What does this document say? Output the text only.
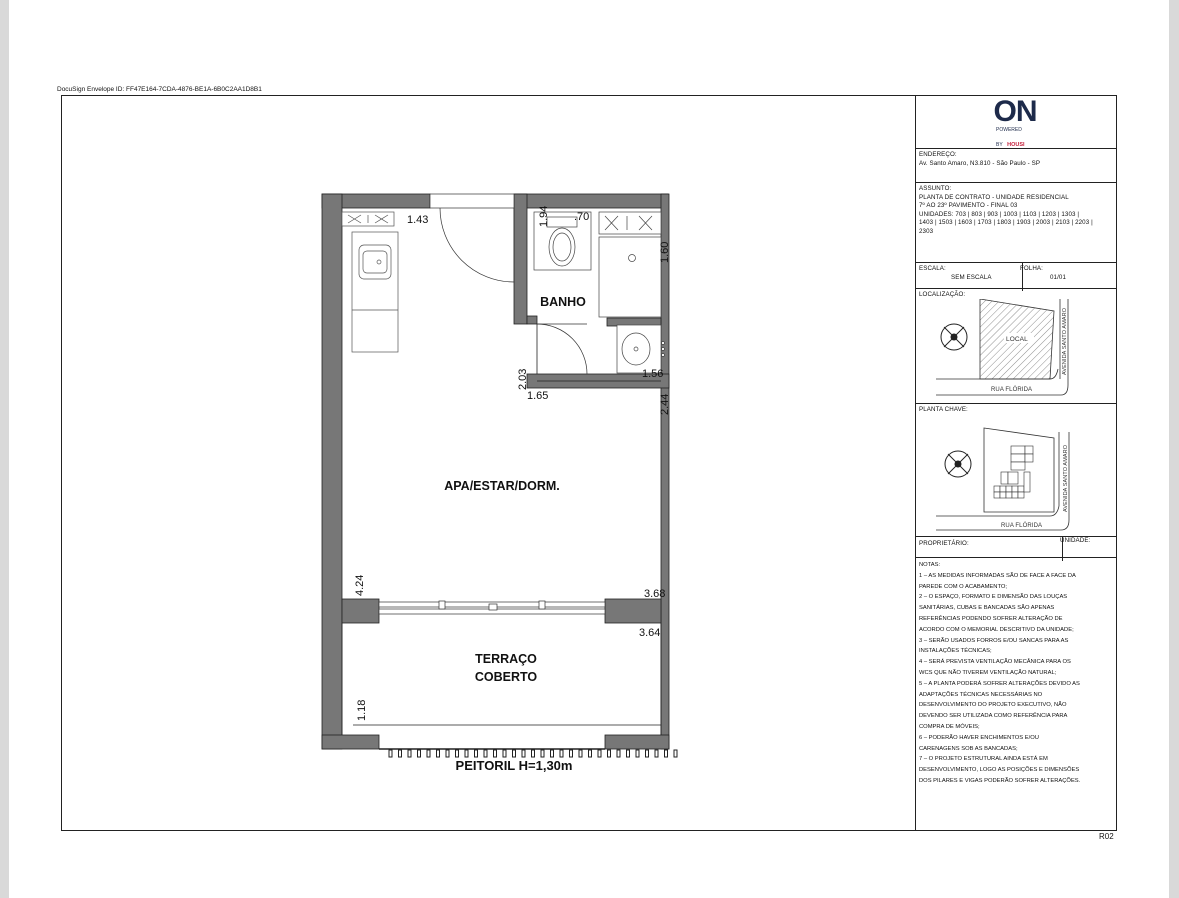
DocuSign Envelope ID: FF47E164-7CDA-4876-BE1A-6B0C2AA1D8B1
R02
1.43	1.94 .70
1.60
2.03
1.65
1.56
2.44
4.24	3.68
3.64
1.18
BANHO
APA/ESTAR/DORM.
TERRAÇO
COBERTO
PEITORIL H=1,30m
ON
POWERED
BY HOUSI
ENDEREÇO:
Av. Santo Amaro, N3.810 - São Paulo - SP
ASSUNTO:
PLANTA DE CONTRATO - UNIDADE RESIDENCIAL
7º AO 23º PAVIMENTO - FINAL 03
UNIDADES: 703 | 803 | 903 | 1003 | 1103 | 1203 | 1303 |
1403 | 1503 | 1603 | 1703 | 1803 | 1903 | 2003 | 2103 | 2203 |
2303
ESCALA:
SEM ESCALA
FOLHA:
01/01
LOCALIZAÇÃO:
LOCAL
RUA FLÓRIDA
AVENIDA SANTO AMARO
PLANTA CHAVE:
RUA FLÓRIDA
AVENIDA SANTO AMARO
PROPRIETÁRIO:	UNIDADE:
NOTAS:
1 – AS MEDIDAS INFORMADAS SÃO DE FACE A FACE DA
PAREDE COM O ACABAMENTO;
2 – O ESPAÇO, FORMATO E DIMENSÃO DAS LOUÇAS
SANITÁRIAS, CUBAS E BANCADAS SÃO APENAS
REFERÊNCIAS PODENDO SOFRER ALTERAÇÃO DE
ACORDO COM O MEMORIAL DESCRITIVO DA UNIDADE;
3 – SERÃO USADOS FORROS E/OU SANCAS PARA AS
INSTALAÇÕES TÉCNICAS;
4 – SERÁ PREVISTA VENTILAÇÃO MECÂNICA PARA OS
WCS QUE NÃO TIVEREM VENTILAÇÃO NATURAL;
5 – A PLANTA PODERÁ SOFRER ALTERAÇÕES DEVIDO AS
ADAPTAÇÕES TÉCNICAS NECESSÁRIAS NO
DESENVOLVIMENTO DO PROJETO EXECUTIVO, NÃO
DEVENDO SER UTILIZADA COMO REFERÊNCIA PARA
COMPRA DE MÓVEIS;
6 – PODERÃO HAVER ENCHIMENTOS E/OU
CARENAGENS SOB AS BANCADAS;
7 – O PROJETO ESTRUTURAL AINDA ESTÁ EM
DESENVOLVIMENTO, LOGO AS POSIÇÕES E DIMENSÕES
DOS PILARES E VIGAS PODERÃO SOFRER ALTERAÇÕES.
